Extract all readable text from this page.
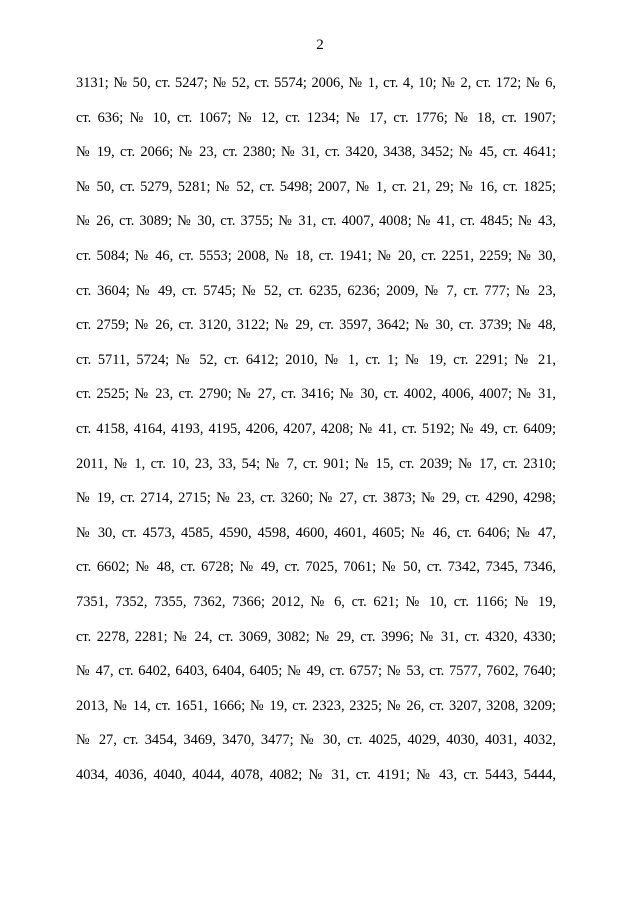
2
3131; № 50, ст. 5247; № 52, ст. 5574; 2006, № 1, ст. 4, 10; № 2, ст. 172; № 6,
ст. 636; № 10, ст. 1067; № 12, ст. 1234; № 17, ст. 1776; № 18, ст. 1907;
№ 19, ст. 2066; № 23, ст. 2380; № 31, ст. 3420, 3438, 3452; № 45, ст. 4641;
№ 50, ст. 5279, 5281; № 52, ст. 5498; 2007, № 1, ст. 21, 29; № 16, ст. 1825;
№ 26, ст. 3089; № 30, ст. 3755; № 31, ст. 4007, 4008; № 41, ст. 4845; № 43,
ст. 5084; № 46, ст. 5553; 2008, № 18, ст. 1941; № 20, ст. 2251, 2259; № 30,
ст. 3604; № 49, ст. 5745; № 52, ст. 6235, 6236; 2009, № 7, ст. 777; № 23,
ст. 2759; № 26, ст. 3120, 3122; № 29, ст. 3597, 3642; № 30, ст. 3739; № 48,
ст. 5711, 5724; № 52, ст. 6412; 2010, № 1, ст. 1; № 19, ст. 2291; № 21,
ст. 2525; № 23, ст. 2790; № 27, ст. 3416; № 30, ст. 4002, 4006, 4007; № 31,
ст. 4158, 4164, 4193, 4195, 4206, 4207, 4208; № 41, ст. 5192; № 49, ст. 6409;
2011, № 1, ст. 10, 23, 33, 54; № 7, ст. 901; № 15, ст. 2039; № 17, ст. 2310;
№ 19, ст. 2714, 2715; № 23, ст. 3260; № 27, ст. 3873; № 29, ст. 4290, 4298;
№ 30, ст. 4573, 4585, 4590, 4598, 4600, 4601, 4605; № 46, ст. 6406; № 47,
ст. 6602; № 48, ст. 6728; № 49, ст. 7025, 7061; № 50, ст. 7342, 7345, 7346,
7351, 7352, 7355, 7362, 7366; 2012, № 6, ст. 621; № 10, ст. 1166; № 19,
ст. 2278, 2281; № 24, ст. 3069, 3082; № 29, ст. 3996; № 31, ст. 4320, 4330;
№ 47, ст. 6402, 6403, 6404, 6405; № 49, ст. 6757; № 53, ст. 7577, 7602, 7640;
2013, № 14, ст. 1651, 1666; № 19, ст. 2323, 2325; № 26, ст. 3207, 3208, 3209;
№ 27, ст. 3454, 3469, 3470, 3477; № 30, ст. 4025, 4029, 4030, 4031, 4032,
4034, 4036, 4040, 4044, 4078, 4082; № 31, ст. 4191; № 43, ст. 5443, 5444,
